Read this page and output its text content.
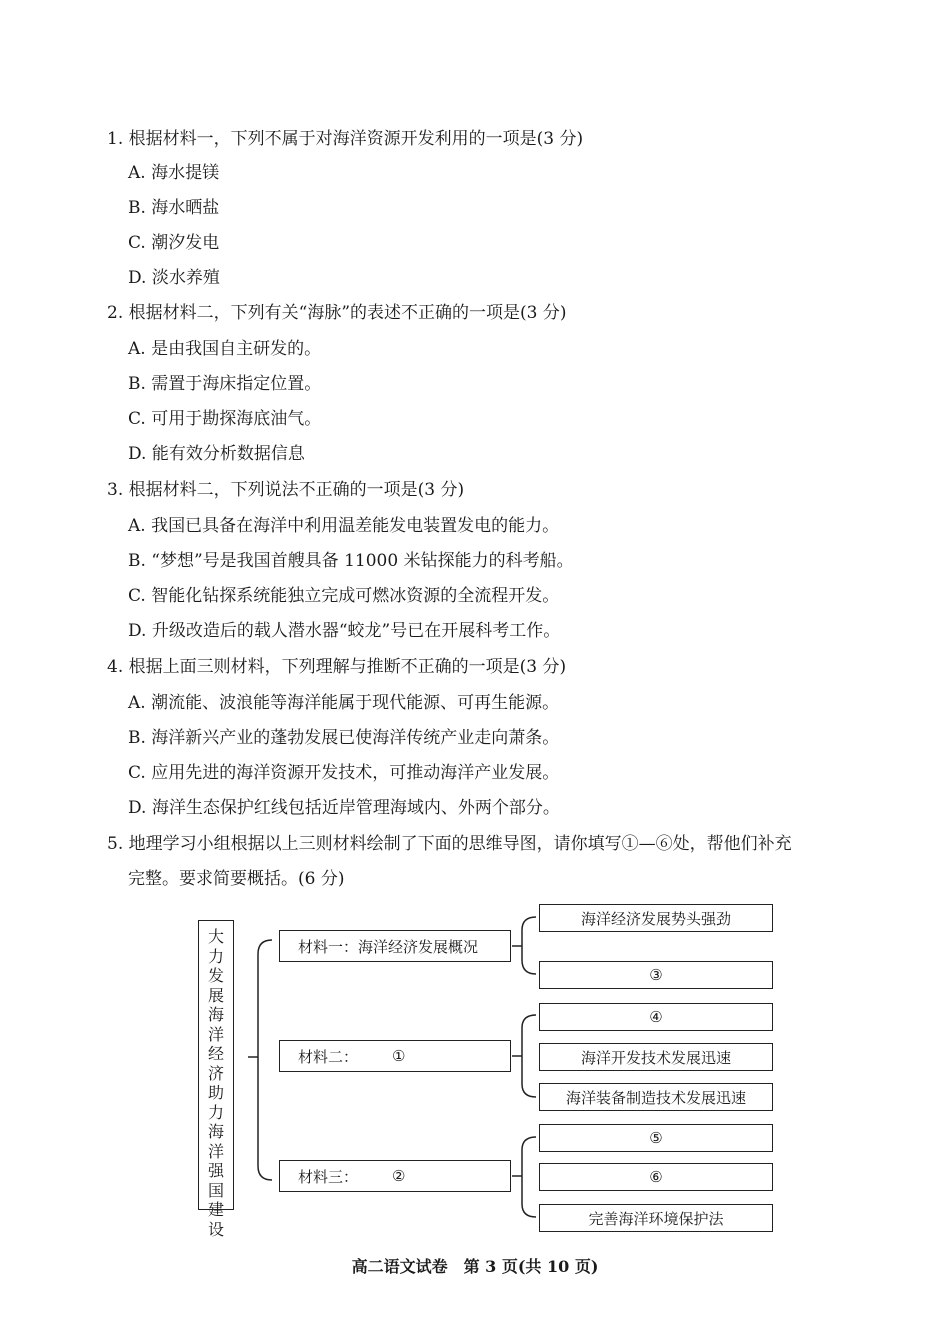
1. 根据材料一，下列不属于对海洋资源开发利用的一项是(3 分)
A. 海水提镁
B. 海水晒盐
C. 潮汐发电
D. 淡水养殖
2. 根据材料二，下列有关“海脉”的表述不正确的一项是(3 分)
A. 是由我国自主研发的。
B. 需置于海床指定位置。
C. 可用于勘探海底油气。
D. 能有效分析数据信息
3. 根据材料二，下列说法不正确的一项是(3 分)
A. 我国已具备在海洋中利用温差能发电装置发电的能力。
B. “梦想”号是我国首艘具备 11000 米钻探能力的科考船。
C. 智能化钻探系统能独立完成可燃冰资源的全流程开发。
D. 升级改造后的载人潜水器“蛟龙”号已在开展科考工作。
4. 根据上面三则材料，下列理解与推断不正确的一项是(3 分)
A. 潮流能、波浪能等海洋能属于现代能源、可再生能源。
B. 海洋新兴产业的蓬勃发展已使海洋传统产业走向萧条。
C. 应用先进的海洋资源开发技术，可推动海洋产业发展。
D. 海洋生态保护红线包括近岸管理海域内、外两个部分。
5. 地理学习小组根据以上三则材料绘制了下面的思维导图，请你填写①—⑥处，帮他们补充
完整。要求简要概括。(6 分)
大
力
发
展
海
洋
经
济
助
力
海
洋
强
国
建
设
材料一：海洋经济发展概况
材料二： ①
材料三： ②
海洋经济发展势头强劲
③
④
海洋开发技术发展迅速
海洋装备制造技术发展迅速
⑤
⑥
完善海洋环境保护法
高二语文试卷　第 3 页(共 10 页)
